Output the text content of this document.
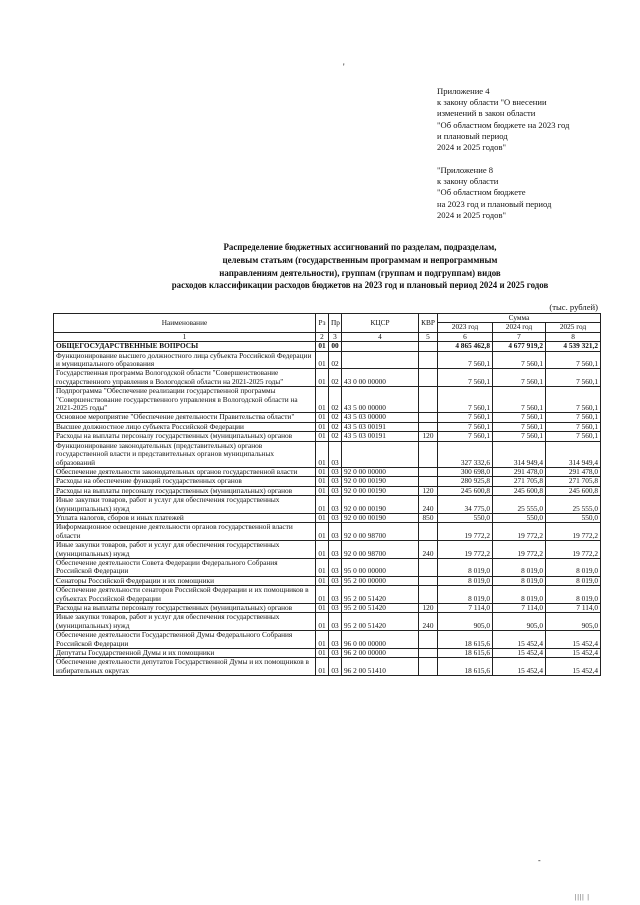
'
Приложение 4
к закону области "О внесении
изменений в закон области
"Об областном бюджете на 2023 год
и плановый период
2024 и 2025 годов"
"Приложение 8
к закону области
"Об областном бюджете
на 2023 год и плановый период
2024 и 2025 годов"
Распределение бюджетных ассигнований по разделам, подразделам,
целевым статьям (государственным программам и непрограммным
направлениям деятельности), группам (группам и подгруппам) видов
расходов классификации расходов бюджетов на 2023 год и плановый период 2024 и 2025 годов
(тыс. рублей)
Наименование	Рз	Пр	КЦСР	КВР	Сумма		
					2023 год	2024 год	2025 год
1	2	3	4	5	6	7	8
ОБЩЕГОСУДАРСТВЕННЫЕ ВОПРОСЫ	01	00			4 865 462,8	4 677 919,2	4 539 321,2
Функционирование высшего должностного лица субъекта Российской Федерации и муниципального образования	01	02			7 560,1	7 560,1	7 560,1
Государственная программа Вологодской области "Совершенствование государственного управления в Вологодской области на 2021-2025 годы"	01	02	43 0 00 00000		7 560,1	7 560,1	7 560,1
Подпрограмма "Обеспечение реализации государственной программы "Совершенствование государственного управления в Вологодской области на 2021-2025 годы"	01	02	43 5 00 00000		7 560,1	7 560,1	7 560,1
Основное мероприятие "Обеспечение деятельности Правительства области"	01	02	43 5 03 00000		7 560,1	7 560,1	7 560,1
Высшее должностное лицо субъекта Российской Федерации	01	02	43 5 03 00191		7 560,1	7 560,1	7 560,1
Расходы на выплаты персоналу государственных (муниципальных) органов	01	02	43 5 03 00191	120	7 560,1	7 560,1	7 560,1
Функционирование законодательных (представительных) органов государственной власти и представительных органов муниципальных образований	01	03			327 332,6	314 949,4	314 949,4
Обеспечение деятельности законодательных органов государственной власти	01	03	92 0 00 00000		300 698,0	291 478,0	291 478,0
Расходы на обеспечение функций государственных органов	01	03	92 0 00 00190		280 925,8	271 705,8	271 705,8
Расходы на выплаты персоналу государственных (муниципальных) органов	01	03	92 0 00 00190	120	245 600,8	245 600,8	245 600,8
Иные закупки товаров, работ и услуг для обеспечения государственных (муниципальных) нужд	01	03	92 0 00 00190	240	34 775,0	25 555,0	25 555,0
Уплата налогов, сборов и иных платежей	01	03	92 0 00 00190	850	550,0	550,0	550,0
Информационное освещение деятельности органов государственной власти области	01	03	92 0 00 98700		19 772,2	19 772,2	19 772,2
Иные закупки товаров, работ и услуг для обеспечения государственных (муниципальных) нужд	01	03	92 0 00 98700	240	19 772,2	19 772,2	19 772,2
Обеспечение деятельности Совета Федерации Федерального Собрания Российской Федерации	01	03	95 0 00 00000		8 019,0	8 019,0	8 019,0
Сенаторы Российской Федерации и их помощники	01	03	95 2 00 00000		8 019,0	8 019,0	8 019,0
Обеспечение деятельности сенаторов Российской Федерации и их помощников в субъектах Российской Федерации	01	03	95 2 00 51420		8 019,0	8 019,0	8 019,0
Расходы на выплаты персоналу государственных (муниципальных) органов	01	03	95 2 00 51420	120	7 114,0	7 114,0	7 114,0
Иные закупки товаров, работ и услуг для обеспечения государственных (муниципальных) нужд	01	03	95 2 00 51420	240	905,0	905,0	905,0
Обеспечение деятельности Государственной Думы Федерального Собрания Российской Федерации	01	03	96 0 00 00000		18 615,6	15 452,4	15 452,4
Депутаты Государственной Думы и их помощники	01	03	96 2 00 00000		18 615,6	15 452,4	15 452,4
Обеспечение деятельности депутатов Государственной Думы и их помощников в избирательных округах	01	03	96 2 00 51410		18 615,6	15 452,4	15 452,4
-
|||| |
